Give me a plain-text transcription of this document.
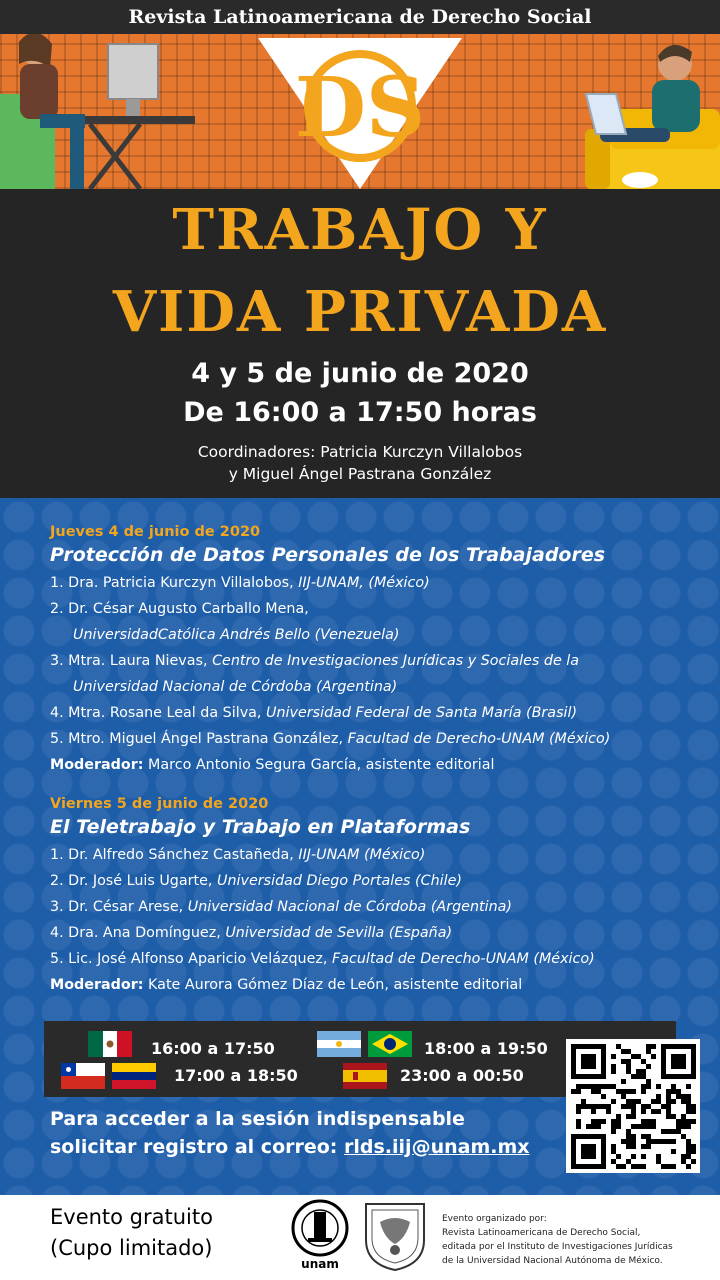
Revista Latinoamericana de Derecho Social
DS
TRABAJO Y
VIDA PRIVADA
4 y 5 de junio de 2020
De 16:00 a 17:50 horas
Coordinadores: Patricia Kurczyn Villalobos
y Miguel Ángel Pastrana González
Jueves 4 de junio de 2020
Protección de Datos Personales de los Trabajadores
1. Dra. Patricia Kurczyn Villalobos, IIJ-UNAM, (México)
2. Dr. César Augusto Carballo Mena,
UniversidadCatólica Andrés Bello (Venezuela)
3. Mtra. Laura Nievas, Centro de Investigaciones Jurídicas y Sociales de la
Universidad Nacional de Córdoba (Argentina)
4. Mtra. Rosane Leal da Silva, Universidad Federal de Santa María (Brasil)
5. Mtro. Miguel Ángel Pastrana González, Facultad de Derecho-UNAM (México)
Moderador: Marco Antonio Segura García, asistente editorial
Viernes 5 de junio de 2020
El Teletrabajo y Trabajo en Plataformas
1. Dr. Alfredo Sánchez Castañeda, IIJ-UNAM (México)
2. Dr. José Luis Ugarte, Universidad Diego Portales (Chile)
3. Dr. César Arese, Universidad Nacional de Córdoba (Argentina)
4. Dra. Ana Domínguez, Universidad de Sevilla (España)
5. Lic. José Alfonso Aparicio Velázquez, Facultad de Derecho-UNAM (México)
Moderador: Kate Aurora Gómez Díaz de León, asistente editorial
16:00 a 17:50
17:00 a 18:50
18:00 a 19:50
23:00 a 00:50
Para acceder a la sesión indispensable
solicitar registro al correo: rlds.iij@unam.mx
Evento gratuito
(Cupo limitado)
unam
Evento organizado por:
Revista Latinoamericana de Derecho Social,
editada por el Instituto de Investigaciones Jurídicas
de la Universidad Nacional Autónoma de México.
